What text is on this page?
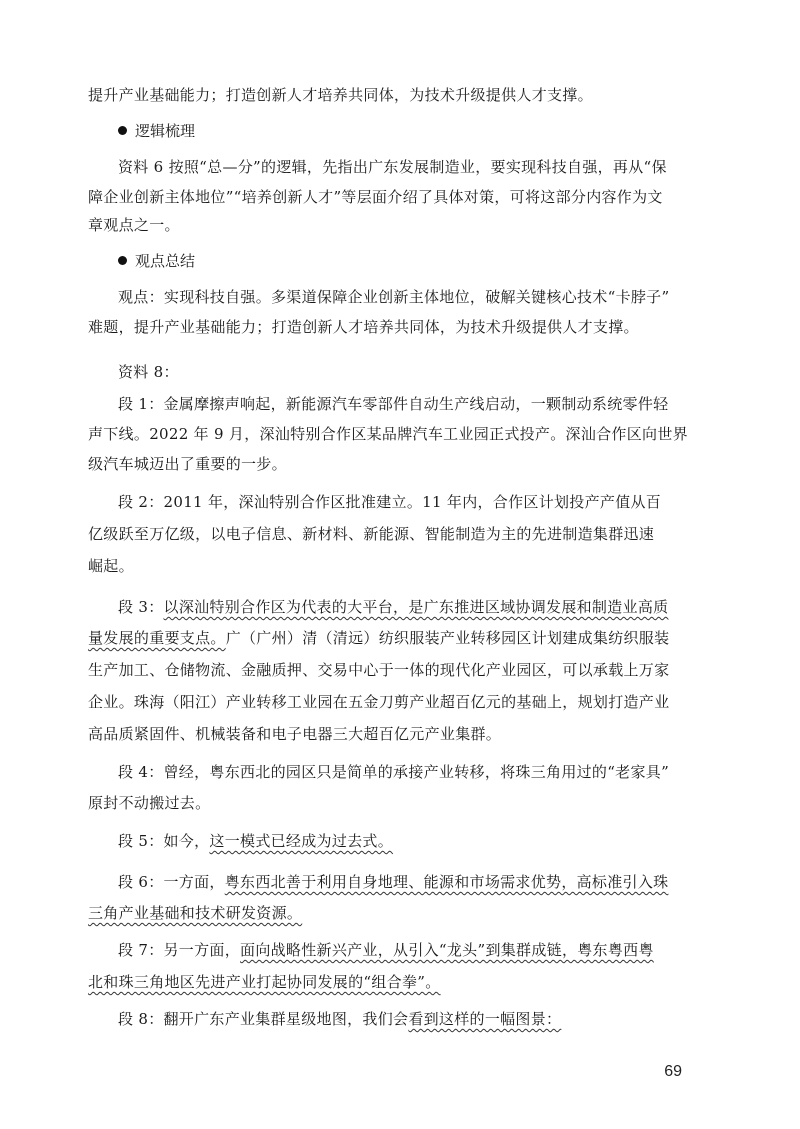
提升产业基础能力；打造创新人才培养共同体，为技术升级提供人才支撑。
逻辑梳理
资料 6 按照“总—分”的逻辑，先指出广东发展制造业，要实现科技自强，再从“保
障企业创新主体地位”“培养创新人才”等层面介绍了具体对策，可将这部分内容作为文
章观点之一。
观点总结
观点：实现科技自强。多渠道保障企业创新主体地位，破解关键核心技术“卡脖子”
难题，提升产业基础能力；打造创新人才培养共同体，为技术升级提供人才支撑。
资料 8：
段 1：金属摩擦声响起，新能源汽车零部件自动生产线启动，一颗制动系统零件轻
声下线。2022 年 9 月，深汕特别合作区某品牌汽车工业园正式投产。深汕合作区向世界
级汽车城迈出了重要的一步。
段 2：2011 年，深汕特别合作区批准建立。11 年内，合作区计划投产产值从百
亿级跃至万亿级，以电子信息、新材料、新能源、智能制造为主的先进制造集群迅速
崛起。
段 3：以深汕特别合作区为代表的大平台，是广东推进区域协调发展和制造业高质
量发展的重要支点。广（广州）清（清远）纺织服装产业转移园区计划建成集纺织服装
生产加工、仓储物流、金融质押、交易中心于一体的现代化产业园区，可以承载上万家
企业。珠海（阳江）产业转移工业园在五金刀剪产业超百亿元的基础上，规划打造产业
高品质紧固件、机械装备和电子电器三大超百亿元产业集群。
段 4：曾经，粤东西北的园区只是简单的承接产业转移，将珠三角用过的“老家具”
原封不动搬过去。
段 5：如今，这一模式已经成为过去式。
段 6：一方面，粤东西北善于利用自身地理、能源和市场需求优势，高标准引入珠
三角产业基础和技术研发资源。
段 7：另一方面，面向战略性新兴产业，从引入“龙头”到集群成链，粤东粤西粤
北和珠三角地区先进产业打起协同发展的“组合拳”。
段 8：翻开广东产业集群星级地图，我们会看到这样的一幅图景：
69
